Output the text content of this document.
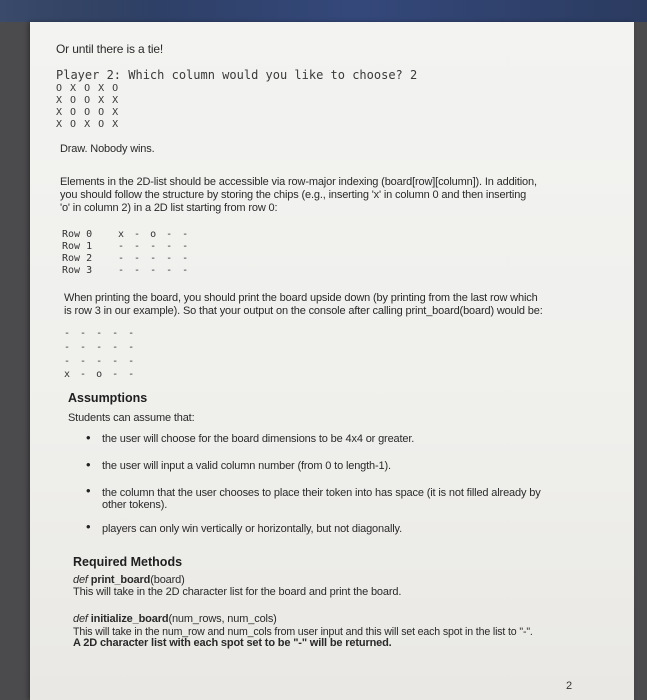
Or until there is a tie!
Player 2: Which column would you like to choose? 2
O X O X O
X O O X X
X O O O X
X O X O X
Draw. Nobody wins.
Elements in the 2D-list should be accessible via row-major indexing (board[row][column]). In addition,
you should follow the structure by storing the chips (e.g., inserting 'x' in column 0 and then inserting
'o' in column 2) in a 2D list starting from row 0:
Row 0	x - o - -
Row 1	- - - - -
Row 2	- - - - -
Row 3	- - - - -
When printing the board, you should print the board upside down (by printing from the last row which
is row 3 in our example). So that your output on the console after calling print_board(board) would be:
- - - - -
- - - - -
- - - - -
x - o - -
Assumptions
Students can assume that:
• the user will choose for the board dimensions to be 4x4 or greater.
• the user will input a valid column number (from 0 to length-1).
• the column that the user chooses to place their token into has space (it is not filled already by
other tokens).
• players can only win vertically or horizontally, but not diagonally.
Required Methods
def print_board(board)
This will take in the 2D character list for the board and print the board.
def initialize_board(num_rows, num_cols)
This will take in the num_row and num_cols from user input and this will set each spot in the list to "-".
A 2D character list with each spot set to be "-" will be returned.
2
